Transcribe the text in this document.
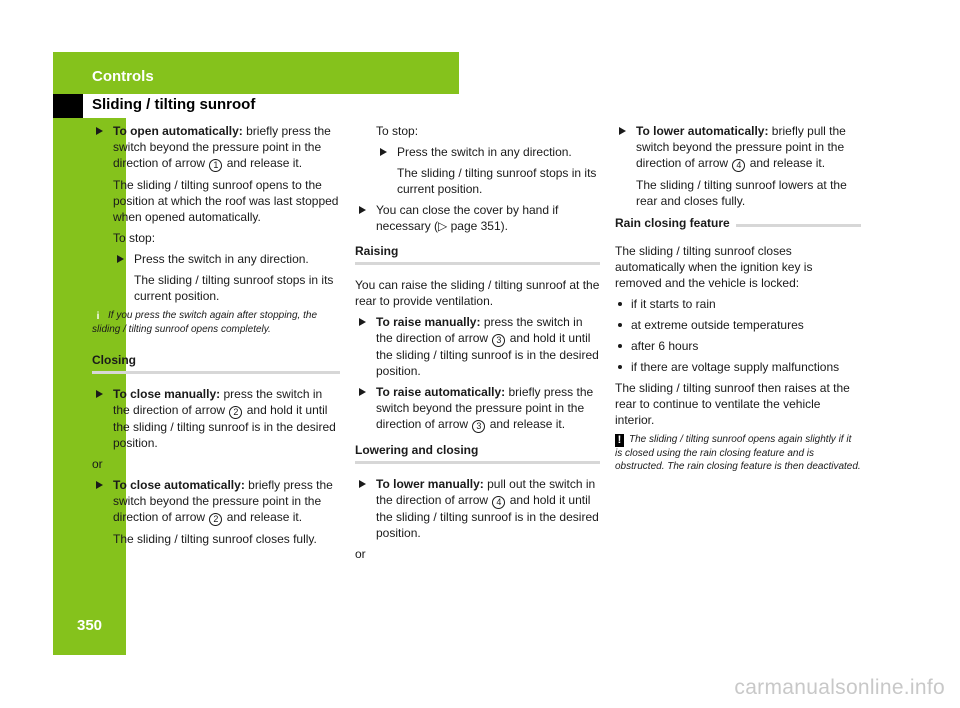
Controls
Sliding / tilting sunroof
350
To open automatically: briefly press the switch beyond the pressure point in the direction of arrow 1 and release it.

The sliding / tilting sunroof opens to the position at which the roof was last stopped when opened automatically.

To stop:

Press the switch in any direction.

The sliding / tilting sunroof stops in its current position.

i If you press the switch again after stopping, the sliding / tilting sunroof opens completely.

Closing
To close manually: press the switch in the direction of arrow 2 and hold it until the sliding / tilting sunroof is in the desired position.

or

To close automatically: briefly press the switch beyond the pressure point in the direction of arrow 2 and release it.

The sliding / tilting sunroof closes fully.

To stop:

Press the switch in any direction.

The sliding / tilting sunroof stops in its current position.

You can close the cover by hand if necessary (▷ page 351).
Raising

You can raise the sliding / tilting sunroof at the rear to provide ventilation.

To raise manually: press the switch in the direction of arrow 3 and hold it until the sliding / tilting sunroof is in the desired position.
To raise automatically: briefly press the switch beyond the pressure point in the direction of arrow 3 and release it.
Lowering and closing
To lower manually: pull out the switch in the direction of arrow 4 and hold it until the sliding / tilting sunroof is in the desired position.

or

To lower automatically: briefly pull the switch beyond the pressure point in the direction of arrow 4 and release it.

The sliding / tilting sunroof lowers at the rear and closes fully.

Rain closing feature

The sliding / tilting sunroof closes automatically when the ignition key is removed and the vehicle is locked:

if it starts to rain
at extreme outside temperatures
after 6 hours
if there are voltage supply malfunctions

The sliding / tilting sunroof then raises at the rear to continue to ventilate the vehicle interior.

! The sliding / tilting sunroof opens again slightly if it is closed using the rain closing feature and is obstructed. The rain closing feature is then deactivated.

carmanualsonline.info
